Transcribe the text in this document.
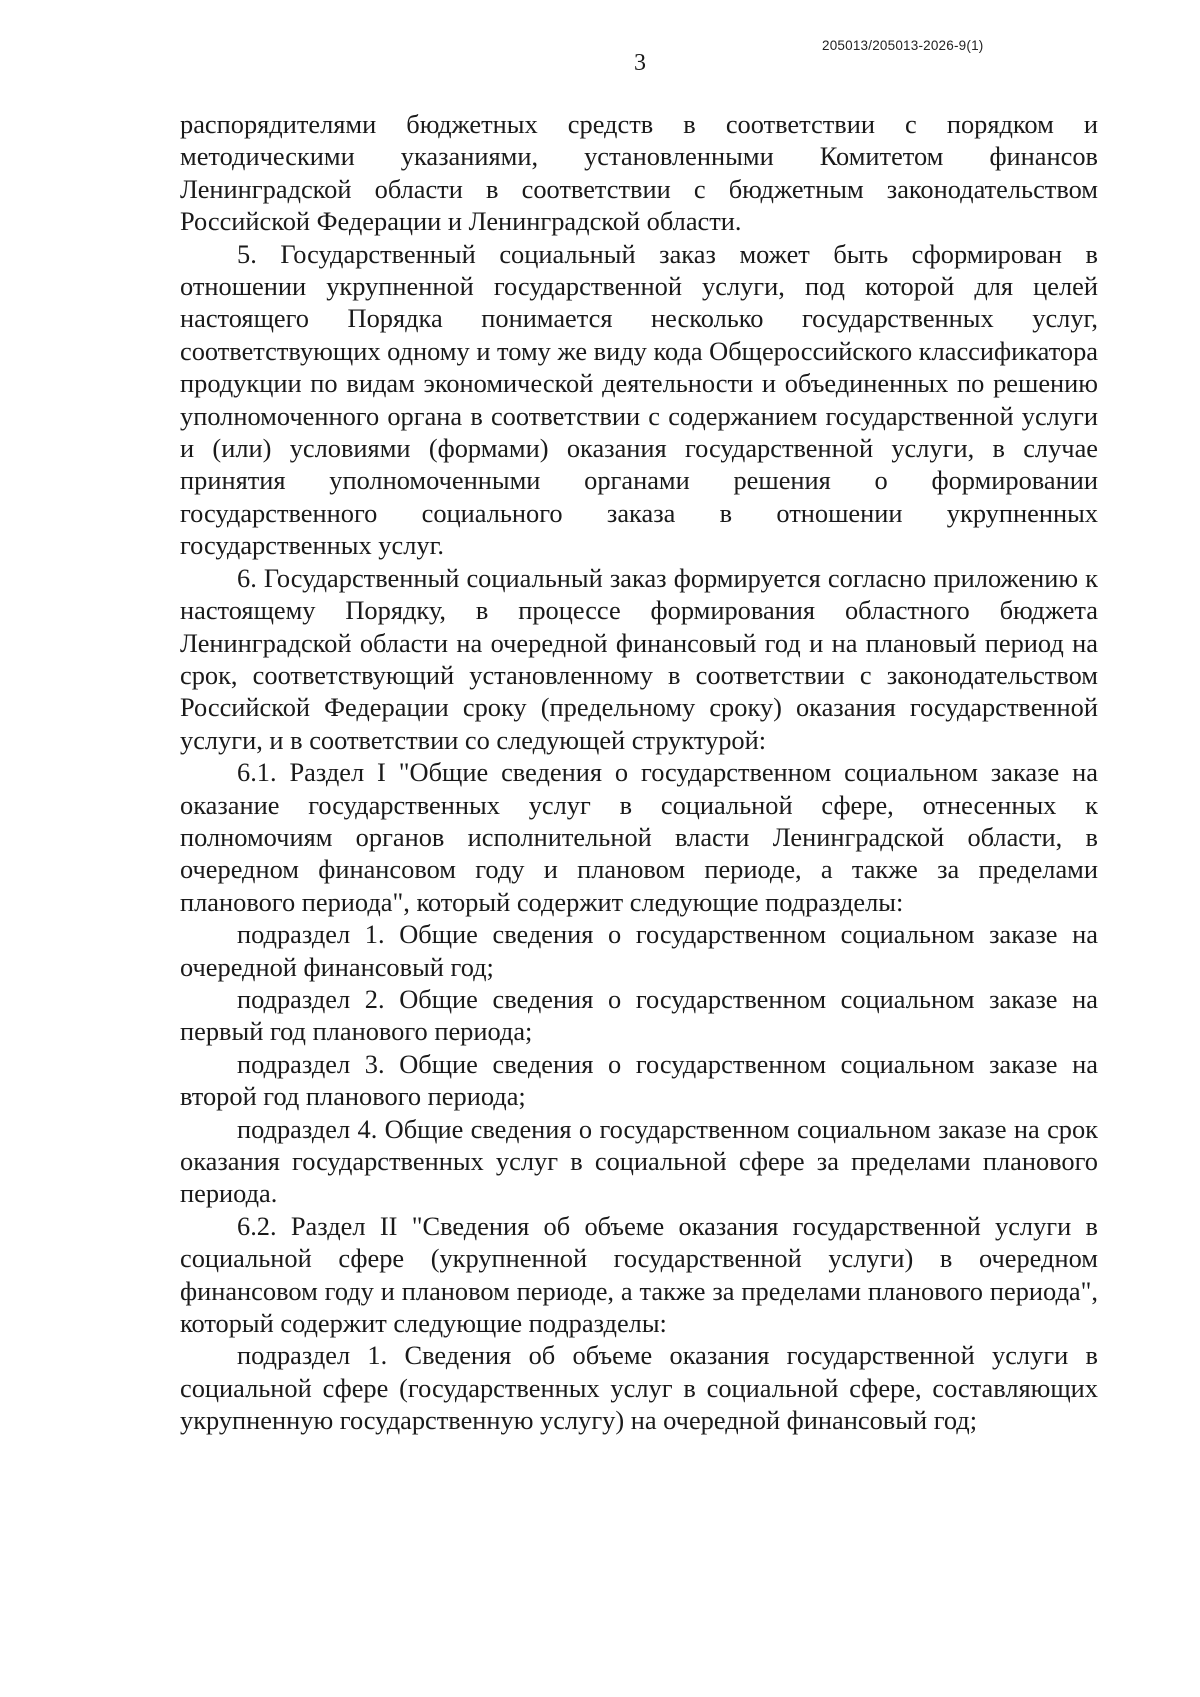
205013/205013-2026-9(1)
3

распорядителями бюджетных средств в соответствии с порядком и методическими указаниями, установленными Комитетом финансов Ленинградской области в соответствии с бюджетным законодательством Российской Федерации и Ленинградской области.

5. Государственный социальный заказ может быть сформирован в отношении укрупненной государственной услуги, под которой для целей настоящего Порядка понимается несколько государственных услуг, соответствующих одному и тому же виду кода Общероссийского классификатора продукции по видам экономической деятельности и объединенных по решению уполномоченного органа в соответствии с содержанием государственной услуги и (или) условиями (формами) оказания государственной услуги, в случае принятия уполномоченными органами решения о формировании государственного социального заказа в отношении укрупненных государственных услуг.

6. Государственный социальный заказ формируется согласно приложению к настоящему Порядку, в процессе формирования областного бюджета Ленинградской области на очередной финансовый год и на плановый период на срок, соответствующий установленному в соответствии с законодательством Российской Федерации сроку (предельному сроку) оказания государственной услуги, и в соответствии со следующей структурой:

6.1. Раздел I "Общие сведения о государственном социальном заказе на оказание государственных услуг в социальной сфере, отнесенных к полномочиям органов исполнительной власти Ленинградской области, в очередном финансовом году и плановом периоде, а также за пределами планового периода", который содержит следующие подразделы:

подраздел 1. Общие сведения о государственном социальном заказе на очередной финансовый год;

подраздел 2. Общие сведения о государственном социальном заказе на первый год планового периода;

подраздел 3. Общие сведения о государственном социальном заказе на второй год планового периода;

подраздел 4. Общие сведения о государственном социальном заказе на срок оказания государственных услуг в социальной сфере за пределами планового периода.

6.2. Раздел II "Сведения об объеме оказания государственной услуги в социальной сфере (укрупненной государственной услуги) в очередном финансовом году и плановом периоде, а также за пределами планового периода", который содержит следующие подразделы:

подраздел 1. Сведения об объеме оказания государственной услуги в социальной сфере (государственных услуг в социальной сфере, составляющих укрупненную государственную услугу) на очередной финансовый год;
